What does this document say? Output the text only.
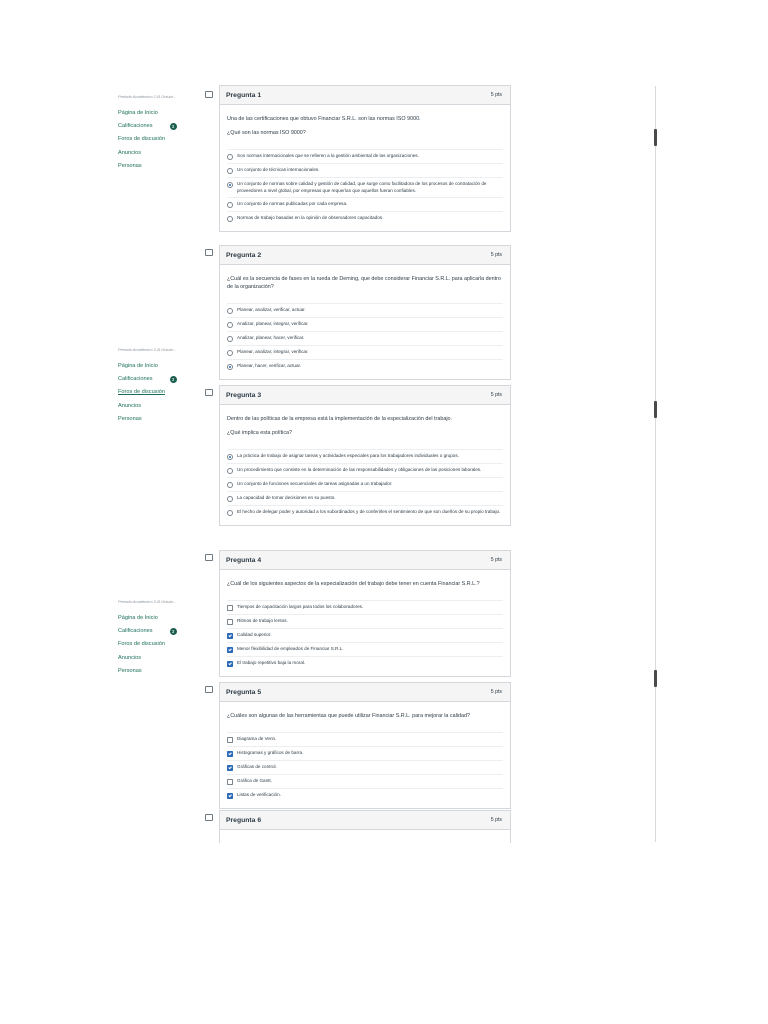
Periodo Académico 2-B Octubr...
Página de Inicio
Calificaciones	3
Foros de discusión
Anuncios
Personas
Periodo Académico 2-B Octubr...
Página de Inicio
Calificaciones	3
Foros de discusión
Anuncios
Personas
Periodo Académico 2-B Octubr...
Página de Inicio
Calificaciones	3
Foros de discusión
Anuncios
Personas
Pregunta 1	5 pts
Una de las certificaciones que obtuvo Financiar S.R.L. son las normas ISO 9000.
¿Qué son las normas ISO 9000?
Son normas internacionales que se refieren a la gestión ambiental de las organizaciones.
Un conjunto de técnicas internacionales.
Un conjunto de normas sobre calidad y gestión de calidad, que surge como facilitadora de los procesos de contratación de proveedores a nivel global, por empresas que requerían que aquellos fueran confiables.
Un conjunto de normas publicadas por cada empresa.
Normas de trabajo basadas en la opinión de observadores capacitados.
Pregunta 2	5 pts
¿Cuál es la secuencia de fases en la rueda de Deming, que debe considerar Financiar S.R.L. para aplicarla dentro de la organización?
Planear, analizar, verificar, actuar.
Analizar, planear, integrar, verificar.
Analizar, planear, hacer, verificar.
Planear, analizar, integrar, verificar.
Planear, hacer, verificar, actuar.
Pregunta 3	5 pts
Dentro de las políticas de la empresa está la implementación de la especialización del trabajo.
¿Qué implica esta política?
La práctica de trabajo de asignar tareas y actividades especiales para los trabajadores individuales o grupos.
Un procedimiento que consiste en la determinación de las responsabilidades y obligaciones de las posiciones laborales.
Un conjunto de funciones secuenciales de tareas asignadas a un trabajador.
La capacidad de tomar decisiones en su puesto.
El hecho de delegar poder y autoridad a los subordinados y de conferirles el sentimiento de que son dueños de su propio trabajo.
Pregunta 4	5 pts
¿Cuál de los siguientes aspectos de la especialización del trabajo debe tener en cuenta Financiar S.R.L.?
Tiempos de capacitación largos para todos los colaboradores.
Ritmos de trabajo lentos.
Calidad superior.
Menor flexibilidad de empleados de Financiar S.R.L.
El trabajo repetitivo baja la moral.
Pregunta 5	5 pts
¿Cuáles son algunas de las herramientas que puede utilizar Financiar S.R.L. para mejorar la calidad?
Diagrama de Venn.
Histogramas y gráficos de barra.
Gráficas de control.
Gráfica de Gantt.
Listas de verificación.
Pregunta 6	5 pts
